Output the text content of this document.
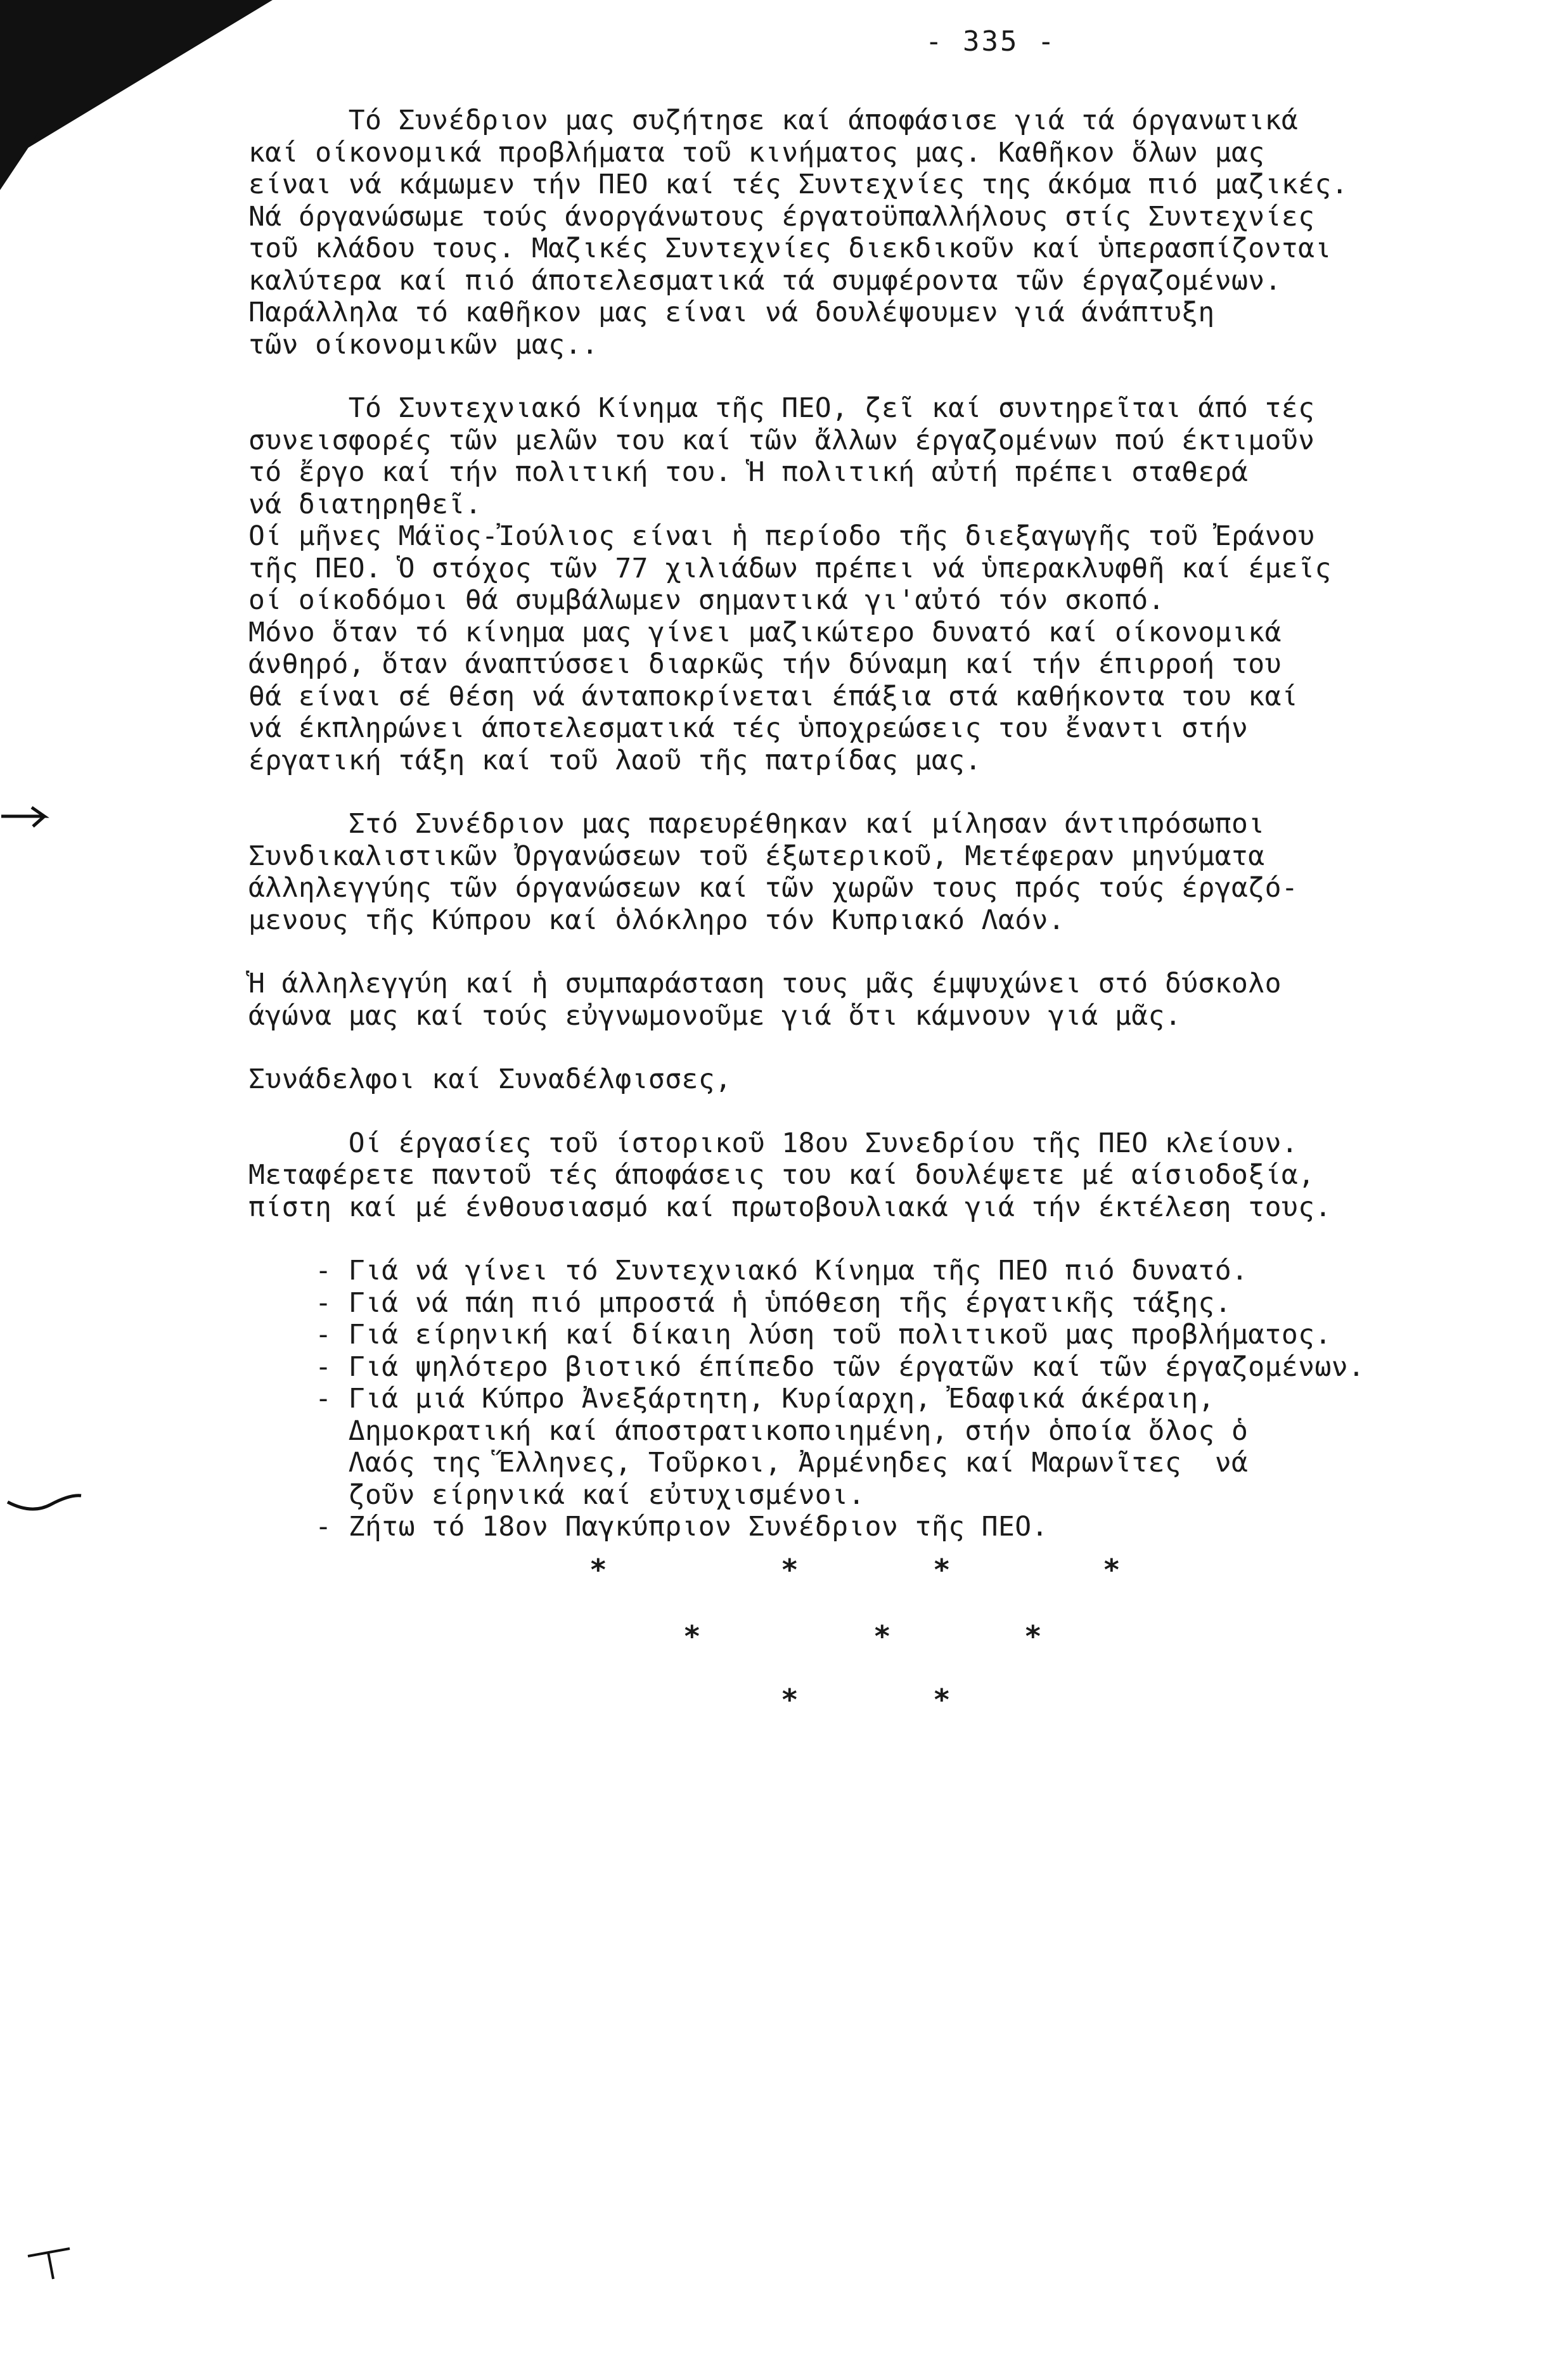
- 335 -
Τό Συνέδριον μας συζήτησε καί άποφάσισε γιά τά όργανωτικά
καί οίκονομικά προβλήματα τοῦ κινήματος μας. Καθῆκον ὅλων μας
είναι νά κάμωμεν τήν ΠΕΟ καί τές Συντεχνίες της άκόμα πιό μαζικές.
Νά όργανώσωμε τούς άνοργάνωτους έργατοϋπαλλήλους στίς Συντεχνίες
τοῦ κλάδου τους. Μαζικές Συντεχνίες διεκδικοῦν καί ὑπερασπίζονται
καλύτερα καί πιό άποτελεσματικά τά συμφέροντα τῶν έργαζομένων.
Παράλληλα τό καθῆκον μας είναι νά δουλέψουμεν γιά άνάπτυξη
τῶν οίκονομικῶν μας..
Τό Συντεχνιακό Κίνημα τῆς ΠΕΟ, ζεῖ καί συντηρεῖται άπό τές
συνεισφορές τῶν μελῶν του καί τῶν ἄλλων έργαζομένων πού έκτιμοῦν
τό ἔργο καί τήν πολιτική του. Ἡ πολιτική αὐτή πρέπει σταθερά
νά διατηρηθεῖ.
Οί μῆνες Μάϊος-Ἰούλιος είναι ἡ περίοδο τῆς διεξαγωγῆς τοῦ Ἐράνου
τῆς ΠΕΟ. Ὁ στόχος τῶν 77 χιλιάδων πρέπει νά ὑπερακλυφθῆ καί έμεῖς
οί οίκοδόμοι θά συμβάλωμεν σημαντικά γι'αὐτό τόν σκοπό.
Μόνο ὅταν τό κίνημα μας γίνει μαζικώτερο δυνατό καί οίκονομικά
άνθηρό, ὅταν άναπτύσσει διαρκῶς τήν δύναμη καί τήν έπιρροή του
θά είναι σέ θέση νά άνταποκρίνεται έπάξια στά καθήκοντα του καί
νά έκπληρώνει άποτελεσματικά τές ὑποχρεώσεις του ἔναντι στήν
έργατική τάξη καί τοῦ λαοῦ τῆς πατρίδας μας.
Στό Συνέδριον μας παρευρέθηκαν καί μίλησαν άντιπρόσωποι
Συνδικαλιστικῶν Ὀργανώσεων τοῦ έξωτερικοῦ, Μετέφεραν μηνύματα
άλληλεγγύης τῶν όργανώσεων καί τῶν χωρῶν τους πρός τούς έργαζό-
μενους τῆς Κύπρου καί ὁλόκληρο τόν Κυπριακό Λαόν.
Ἡ άλληλεγγύη καί ἡ συμπαράσταση τους μᾶς έμψυχώνει στό δύσκολο
άγώνα μας καί τούς εὐγνωμονοῦμε γιά ὅτι κάμνουν γιά μᾶς.
Συνάδελφοι καί Συναδέλφισσες,
Οί έργασίες τοῦ ίστορικοῦ 18ου Συνεδρίου τῆς ΠΕΟ κλείουν.
Μεταφέρετε παντοῦ τές άποφάσεις του καί δουλέψετε μέ αίσιοδοξία,
πίστη καί μέ ένθουσιασμό καί πρωτοβουλιακά γιά τήν έκτέλεση τους.
- Γιά νά γίνει τό Συντεχνιακό Κίνημα τῆς ΠΕΟ πιό δυνατό.
- Γιά νά πάη πιό μπροστά ἡ ὑπόθεση τῆς έργατικῆς τάξης.
- Γιά είρηνική καί δίκαιη λύση τοῦ πολιτικοῦ μας προβλήματος.
- Γιά ψηλότερο βιοτικό έπίπεδο τῶν έργατῶν καί τῶν έργαζομένων.
- Γιά μιά Κύπρο Ἀνεξάρτητη, Κυρίαρχη, Ἐδαφικά άκέραιη,
Δημοκρατική καί άποστρατικοποιημένη, στήν ὁποία ὅλος ὁ
Λαός της Ἕλληνες, Τοῦρκοι, Ἀρμένηδες καί Μαρωνῖτες  νά
ζοῦν είρηνικά καί εὐτυχισμένοι.
- Ζήτω τό 18ον Παγκύπριον Συνέδριον τῆς ΠΕΟ.
*	*	*	*
*	*	*
*	*
